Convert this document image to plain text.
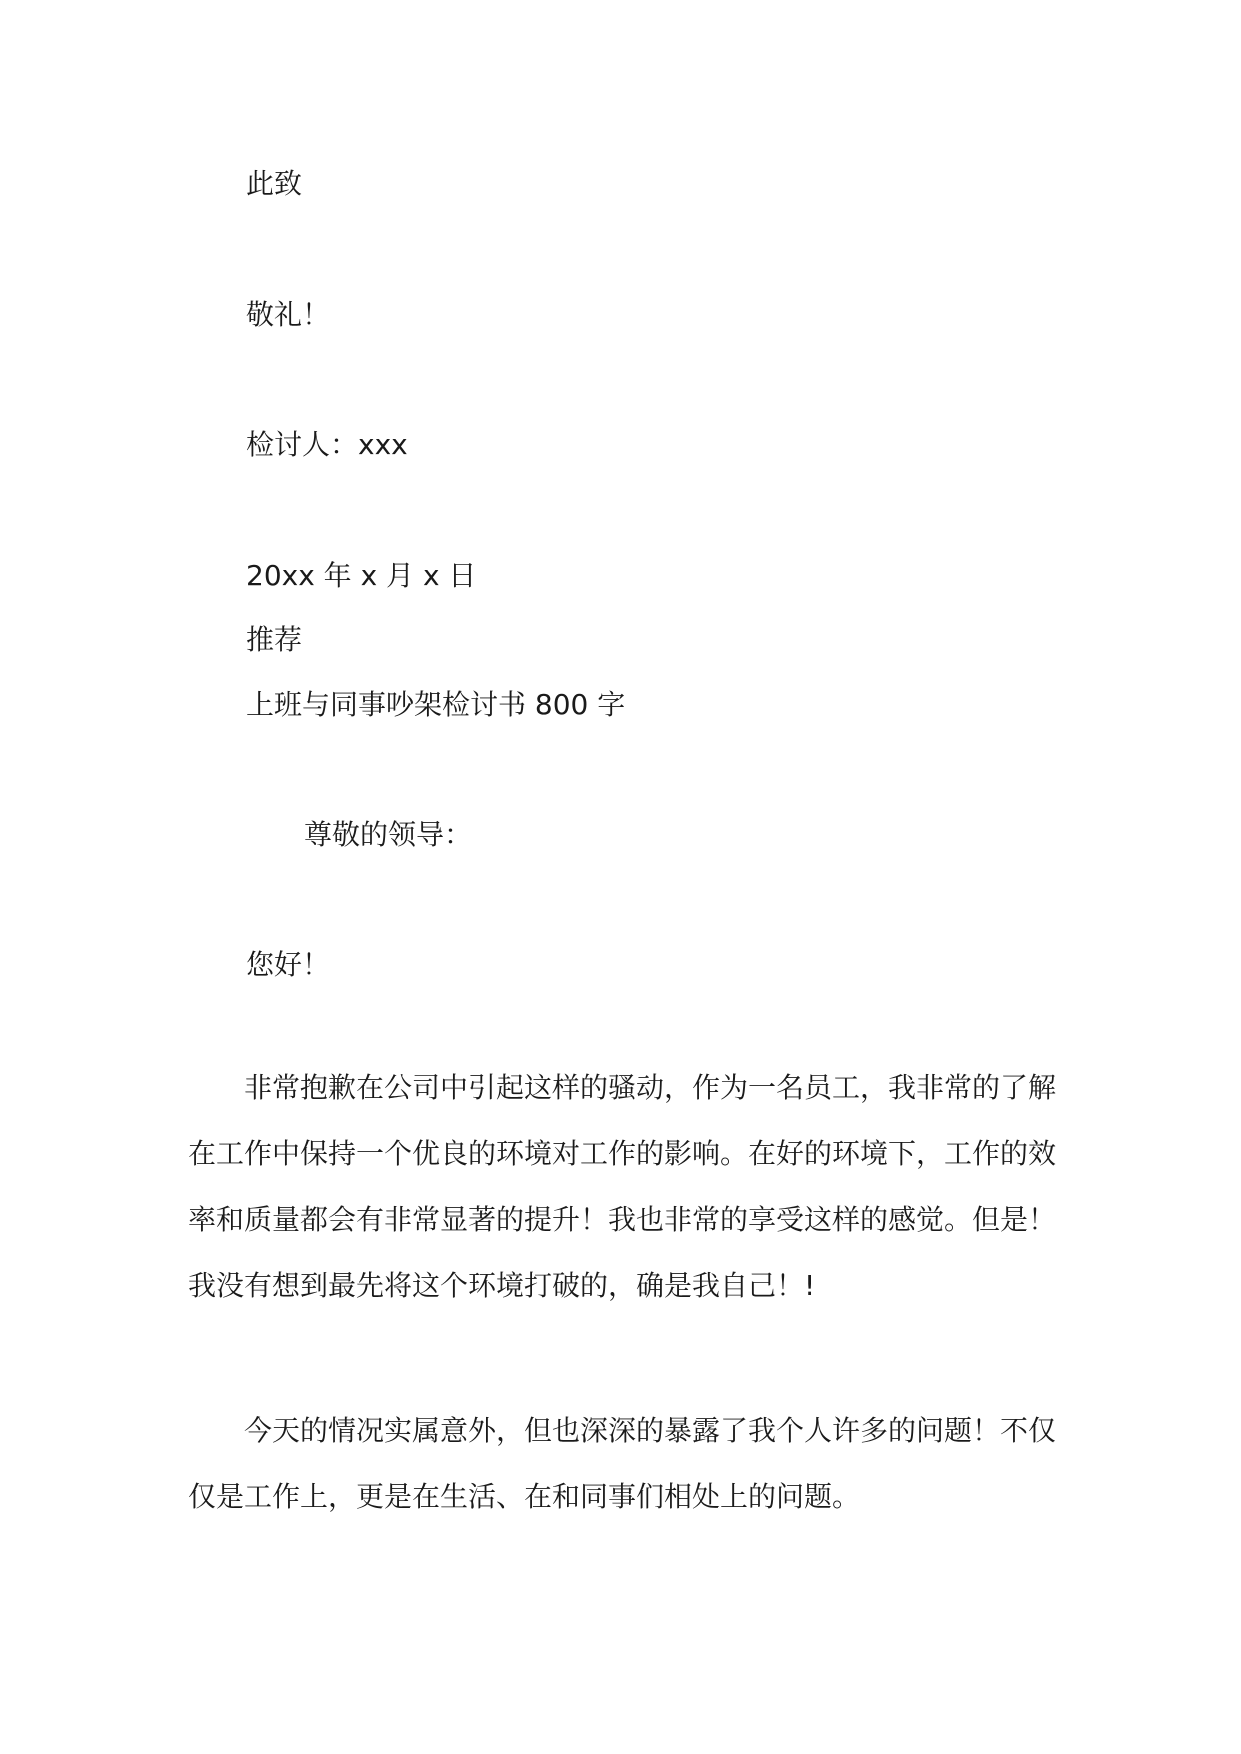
此致
敬礼！
检讨人：xxx
20xx 年 x 月 x 日
推荐
上班与同事吵架检讨书 800 字
尊敬的领导：
您好！
非常抱歉在公司中引起这样的骚动，作为一名员工，我非常的了解在工作中保持一个优良的环境对工作的影响。在好的环境下，工作的效率和质量都会有非常显著的提升！我也非常的享受这样的感觉。但是！我没有想到最先将这个环境打破的，确是我自己！!
今天的情况实属意外，但也深深的暴露了我个人许多的问题！不仅仅是工作上，更是在生活、在和同事们相处上的问题。
